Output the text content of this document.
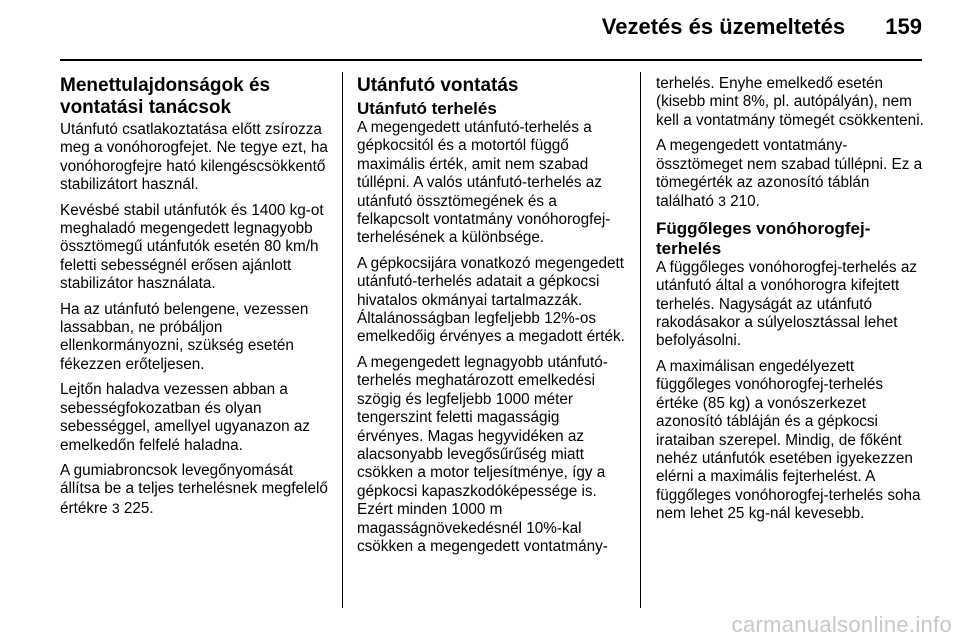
Vezetés és üzemeltetés 159
Menettulajdonságok és vontatási tanácsok

Utánfutó csatlakoztatása előtt zsírozza meg a vonóhorogfejet. Ne tegye ezt, ha vonóhorogfejre ható kilengéscsökkentő stabilizátort használ.

Kevésbé stabil utánfutók és 1400 kg-ot meghaladó megengedett legnagyobb össztömegű utánfutók esetén 80 km/h feletti sebességnél erősen ajánlott stabilizátor használata.

Ha az utánfutó belengene, vezessen lassabban, ne próbáljon ellenkormányozni, szükség esetén fékezzen erőteljesen.

Lejtőn haladva vezessen abban a sebességfokozatban és olyan sebességgel, amellyel ugyanazon az emelkedőn felfelé haladna.

A gumiabroncsok levegőnyomását állítsa be a teljes terhelésnek megfelelő értékre 3 225.

Utánfutó vontatás
Utánfutó terhelés

A megengedett utánfutó-terhelés a gépkocsitól és a motortól függő maximális érték, amit nem szabad túllépni. A valós utánfutó-terhelés az utánfutó össztömegének és a felkapcsolt vontatmány vonóhorogfej-terhelésének a különbsége.

A gépkocsijára vonatkozó megengedett utánfutó-terhelés adatait a gépkocsi hivatalos okmányai tartalmazzák. Általánosságban legfeljebb 12%-os emelkedőig érvényes a megadott érték.

A megengedett legnagyobb utánfutó-terhelés meghatározott emelkedési szögig és legfeljebb 1000 méter tengerszint feletti magasságig érvényes. Magas hegyvidéken az alacsonyabb levegősűrűség miatt csökken a motor teljesítménye, így a gépkocsi kapaszkodóképessége is. Ezért minden 1000 m magasságnövekedésnél 10%-kal csökken a megengedett vontatmány-

terhelés. Enyhe emelkedő esetén (kisebb mint 8%, pl. autópályán), nem kell a vontatmány tömegét csökkenteni.

A megengedett vontatmány-össztömeget nem szabad túllépni. Ez a tömegérték az azonosító táblán található 3 210.

Függőleges vonóhorogfej-terhelés

A függőleges vonóhorogfej-terhelés az utánfutó által a vonóhorogra kifejtett terhelés. Nagyságát az utánfutó rakodásakor a súlyelosztással lehet befolyásolni.

A maximálisan engedélyezett függőleges vonóhorogfej-terhelés értéke (85 kg) a vonószerkezet azonosító tábláján és a gépkocsi irataiban szerepel. Mindig, de főként nehéz utánfutók esetében igyekezzen elérni a maximális fejterhelést. A függőleges vonóhorogfej-terhelés soha nem lehet 25 kg-nál kevesebb.

carmanualsonline.info
